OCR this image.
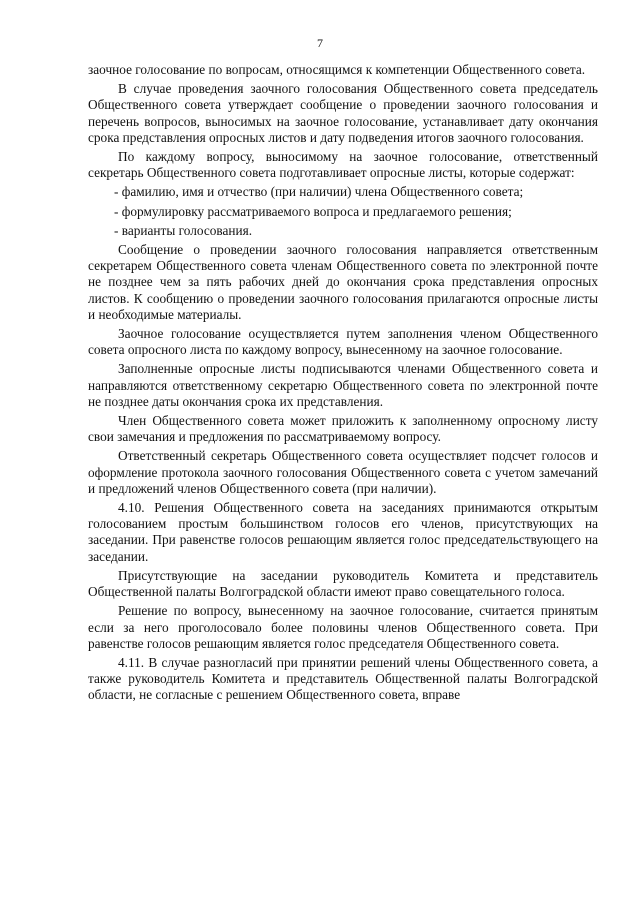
7

заочное голосование по вопросам, относящимся к компетенции Общественного совета.

В случае проведения заочного голосования Общественного совета председатель Общественного совета утверждает сообщение о проведении заочного голосования и перечень вопросов, выносимых на заочное голосование, устанавливает дату окончания срока представления опросных листов и дату подведения итогов заочного голосования.

По каждому вопросу, выносимому на заочное голосование, ответственный секретарь Общественного совета подготавливает опросные листы, которые содержат:

- фамилию, имя и отчество (при наличии) члена Общественного совета;

- формулировку рассматриваемого вопроса и предлагаемого решения;

- варианты голосования.

Сообщение о проведении заочного голосования направляется ответственным секретарем Общественного совета членам Общественного совета по электронной почте не позднее чем за пять рабочих дней до окончания срока представления опросных листов. К сообщению о проведении заочного голосования прилагаются опросные листы и необходимые материалы.

Заочное голосование осуществляется путем заполнения членом Общественного совета опросного листа по каждому вопросу, вынесенному на заочное голосование.

Заполненные опросные листы подписываются членами Общественного совета и направляются ответственному секретарю Общественного совета по электронной почте не позднее даты окончания срока их представления.

Член Общественного совета может приложить к заполненному опросному листу свои замечания и предложения по рассматриваемому вопросу.

Ответственный секретарь Общественного совета осуществляет подсчет голосов и оформление протокола заочного голосования Общественного совета с учетом замечаний и предложений членов Общественного совета (при наличии).

4.10. Решения Общественного совета на заседаниях принимаются открытым голосованием простым большинством голосов его членов, присутствующих на заседании. При равенстве голосов решающим является голос председательствующего на заседании.

Присутствующие на заседании руководитель Комитета и представитель Общественной палаты Волгоградской области имеют право совещательного голоса.

Решение по вопросу, вынесенному на заочное голосование, считается принятым если за него проголосовало более половины членов Общественного совета. При равенстве голосов решающим является голос председателя Общественного совета.

4.11. В случае разногласий при принятии решений члены Общественного совета, а также руководитель Комитета и представитель Общественной палаты Волгоградской области, не согласные с решением Общественного совета, вправе
